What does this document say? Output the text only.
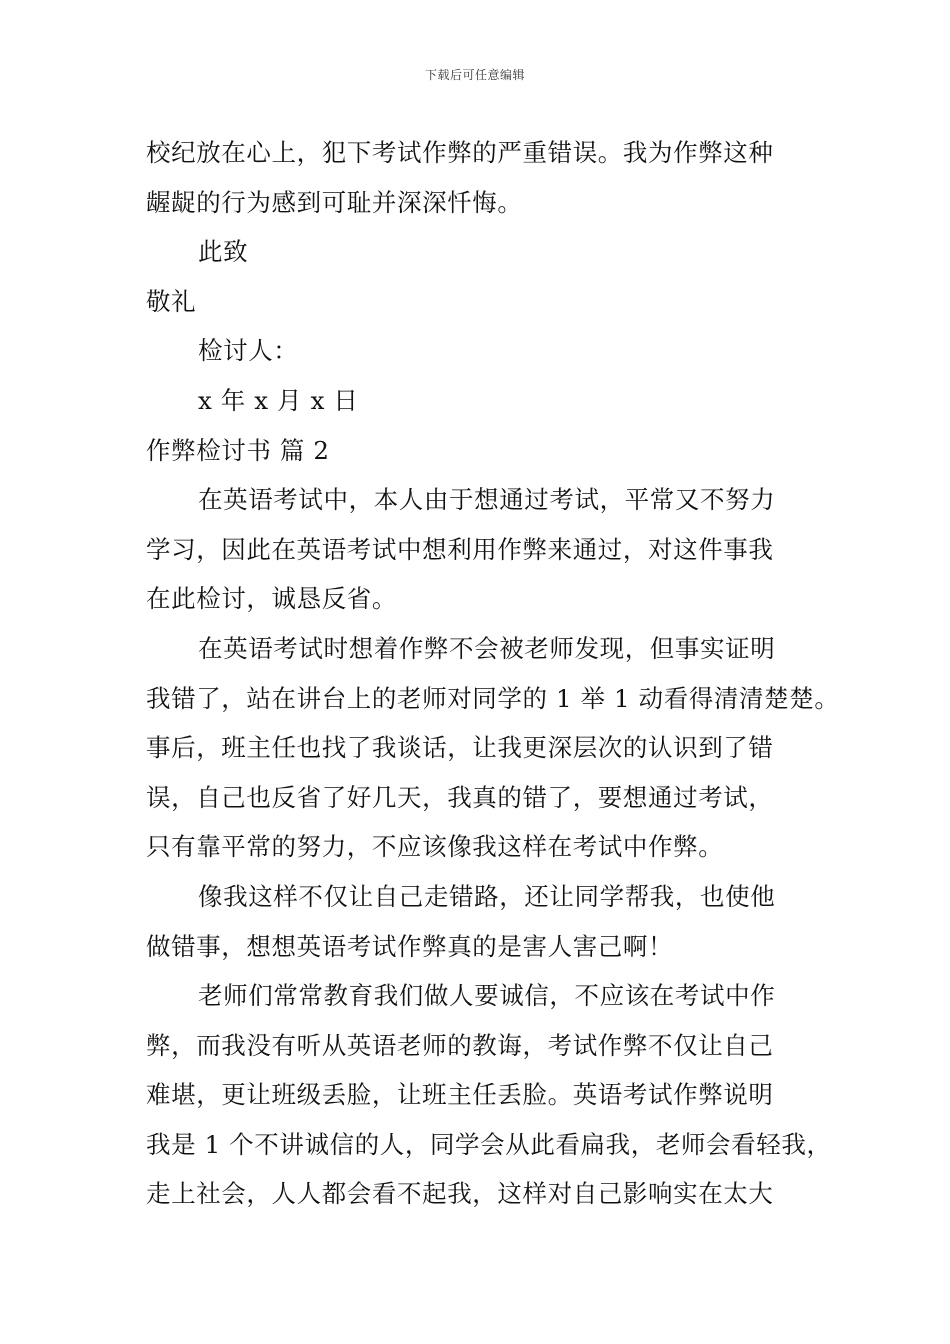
下载后可任意编辑
校纪放在心上，犯下考试作弊的严重错误。我为作弊这种
龌龊的行为感到可耻并深深忏悔。
此致
敬礼
检讨人：
x 年 x 月 x 日
作弊检讨书 篇 2
在英语考试中，本人由于想通过考试，平常又不努力
学习，因此在英语考试中想利用作弊来通过，对这件事我
在此检讨，诚恳反省。
在英语考试时想着作弊不会被老师发现，但事实证明
我错了，站在讲台上的老师对同学的 1 举 1 动看得清清楚楚。
事后，班主任也找了我谈话，让我更深层次的认识到了错
误，自己也反省了好几天，我真的错了，要想通过考试，
只有靠平常的努力，不应该像我这样在考试中作弊。
像我这样不仅让自己走错路，还让同学帮我，也使他
做错事，想想英语考试作弊真的是害人害己啊！
老师们常常教育我们做人要诚信，不应该在考试中作
弊，而我没有听从英语老师的教诲，考试作弊不仅让自己
难堪，更让班级丢脸，让班主任丢脸。英语考试作弊说明
我是 1 个不讲诚信的人，同学会从此看扁我，老师会看轻我，
走上社会，人人都会看不起我，这样对自己影响实在太大
